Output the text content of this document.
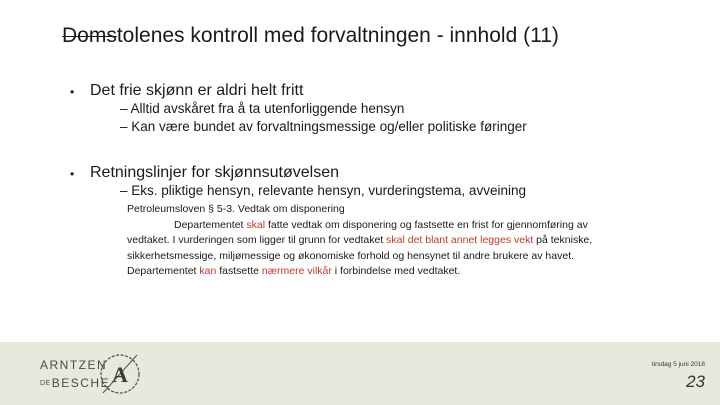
Domstolenes kontroll med forvaltningen - innhold (11)
• Det frie skjønn er aldri helt fritt
– Alltid avskåret fra å ta utenforliggende hensyn
– Kan være bundet av forvaltningsmessige og/eller politiske føringer
• Retningslinjer for skjønnsutøvelsen
– Eks. pliktige hensyn, relevante hensyn, vurderingstema, avveining

Petroleumsloven § 5-3. Vedtak om disponering

Departementet skal fatte vedtak om disponering og fastsette en frist for gjennomføring av

vedtaket. I vurderingen som ligger til grunn for vedtaket skal det blant annet legges vekt på tekniske,

sikkerhetsmessige, miljømessige og økonomiske forhold og hensynet til andre brukere av havet.

Departementet kan fastsette nærmere vilkår i forbindelse med vedtaket.

ARNTZEN
DEBESCHE A	tirsdag 5 juni 2018
23
